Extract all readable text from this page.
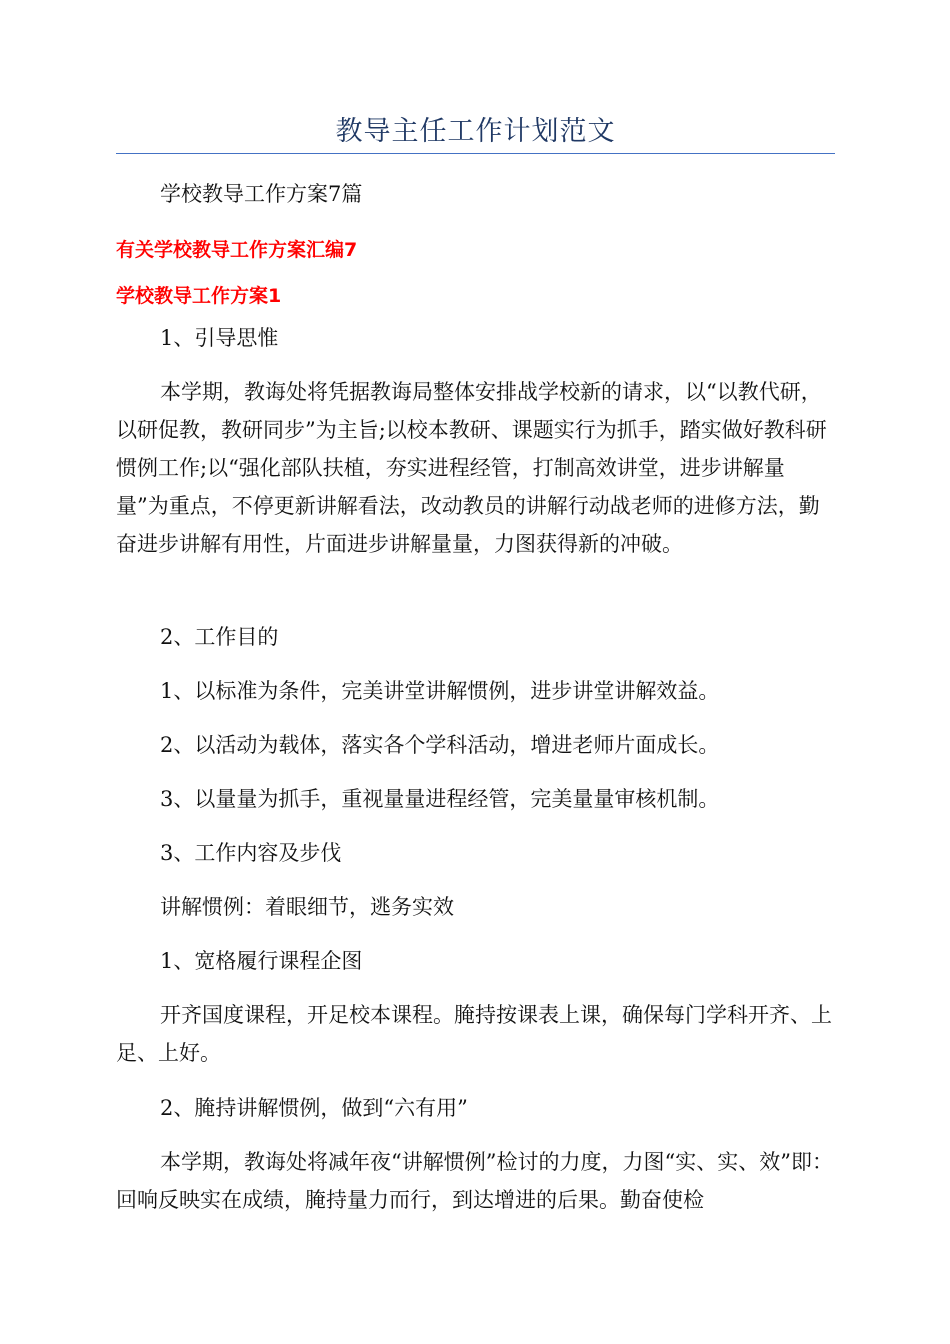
教导主任工作计划范文

学校教导工作方案7篇

有关学校教导工作方案汇编7
学校教导工作方案1

1、引导思惟

本学期，教诲处将凭据教诲局整体安排战学校新的请求，以“以教代研，以研促教，教研同步”为主旨;以校本教研、课题实行为抓手，踏实做好教科研惯例工作;以“强化部队扶植，夯实进程经管，打制高效讲堂，进步讲解量量”为重点，不停更新讲解看法，改动教员的讲解行动战老师的进修方法，勤奋进步讲解有用性，片面进步讲解量量，力图获得新的冲破。

2、工作目的

1、以标准为条件，完美讲堂讲解惯例，进步讲堂讲解效益。

2、以活动为载体，落实各个学科活动，增进老师片面成长。

3、以量量为抓手，重视量量进程经管，完美量量审核机制。

3、工作内容及步伐

讲解惯例：着眼细节，逃务实效

1、宽格履行课程企图

开齐国度课程，开足校本课程。腌持按课表上课，确保每门学科开齐、上足、上好。

2、腌持讲解惯例，做到“六有用”

本学期，教诲处将减年夜“讲解惯例”检讨的力度，力图“实、实、效”即：回响反映实在成绩，腌持量力而行，到达增进的后果。勤奋使检
